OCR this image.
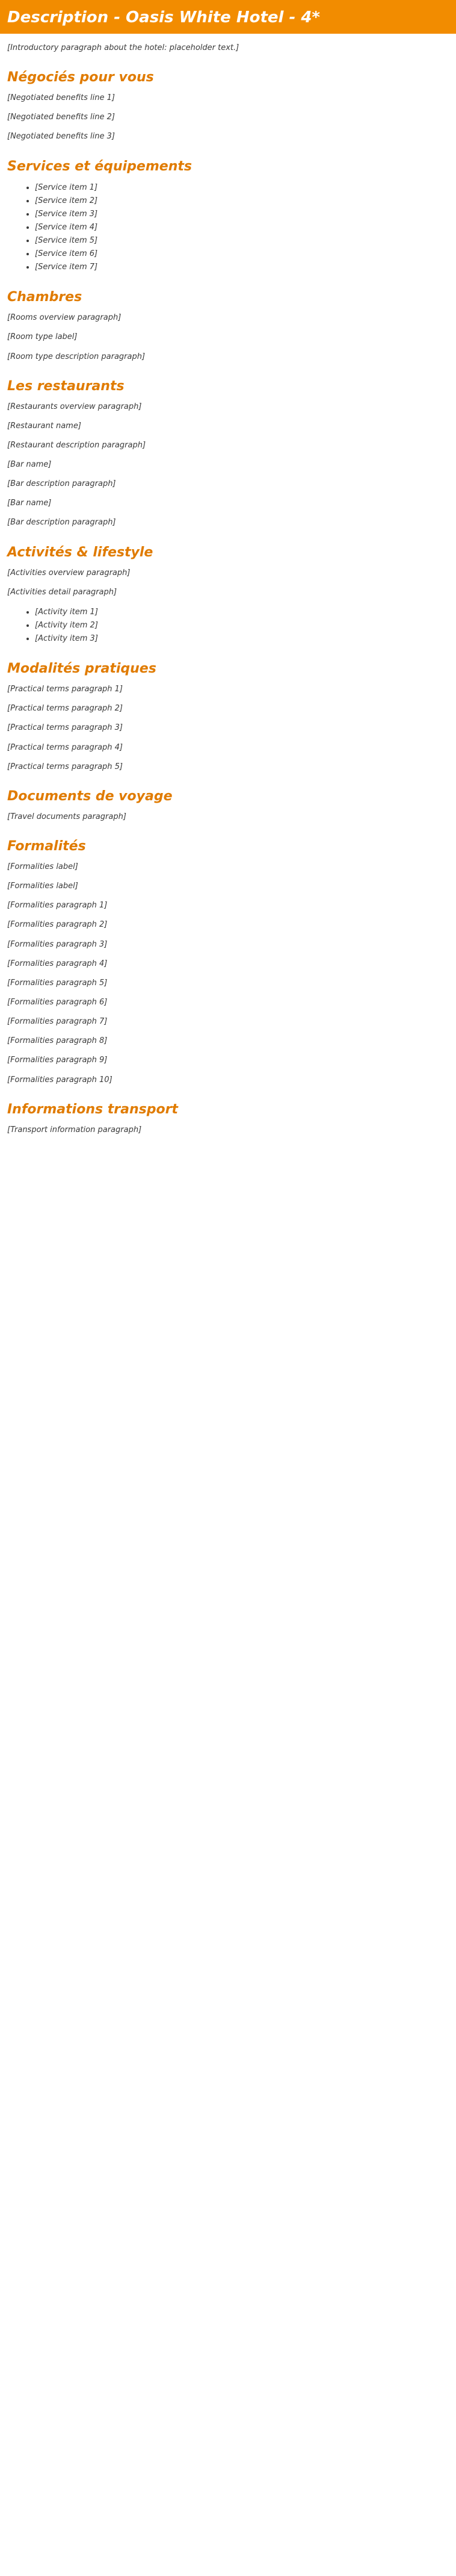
Description - Oasis White Hotel - 4*

[Introductory paragraph about the hotel: placeholder text.]

Négociés pour vous

[Negotiated benefits line 1]

[Negotiated benefits line 2]

[Negotiated benefits line 3]

Services et équipements
• [Service item 1]
• [Service item 2]
• [Service item 3]
• [Service item 4]
• [Service item 5]
• [Service item 6]
• [Service item 7]
Chambres

[Rooms overview paragraph]

[Room type label]

[Room type description paragraph]

Les restaurants

[Restaurants overview paragraph]

[Restaurant name]

[Restaurant description paragraph]

[Bar name]

[Bar description paragraph]

[Bar name]

[Bar description paragraph]

Activités & lifestyle

[Activities overview paragraph]

[Activities detail paragraph]

• [Activity item 1]
• [Activity item 2]
• [Activity item 3]
Modalités pratiques

[Practical terms paragraph 1]

[Practical terms paragraph 2]

[Practical terms paragraph 3]

[Practical terms paragraph 4]

[Practical terms paragraph 5]

Documents de voyage

[Travel documents paragraph]

Formalités

[Formalities label]

[Formalities label]

[Formalities paragraph 1]

[Formalities paragraph 2]

[Formalities paragraph 3]

[Formalities paragraph 4]

[Formalities paragraph 5]

[Formalities paragraph 6]

[Formalities paragraph 7]

[Formalities paragraph 8]

[Formalities paragraph 9]

[Formalities paragraph 10]

Informations transport

[Transport information paragraph]
